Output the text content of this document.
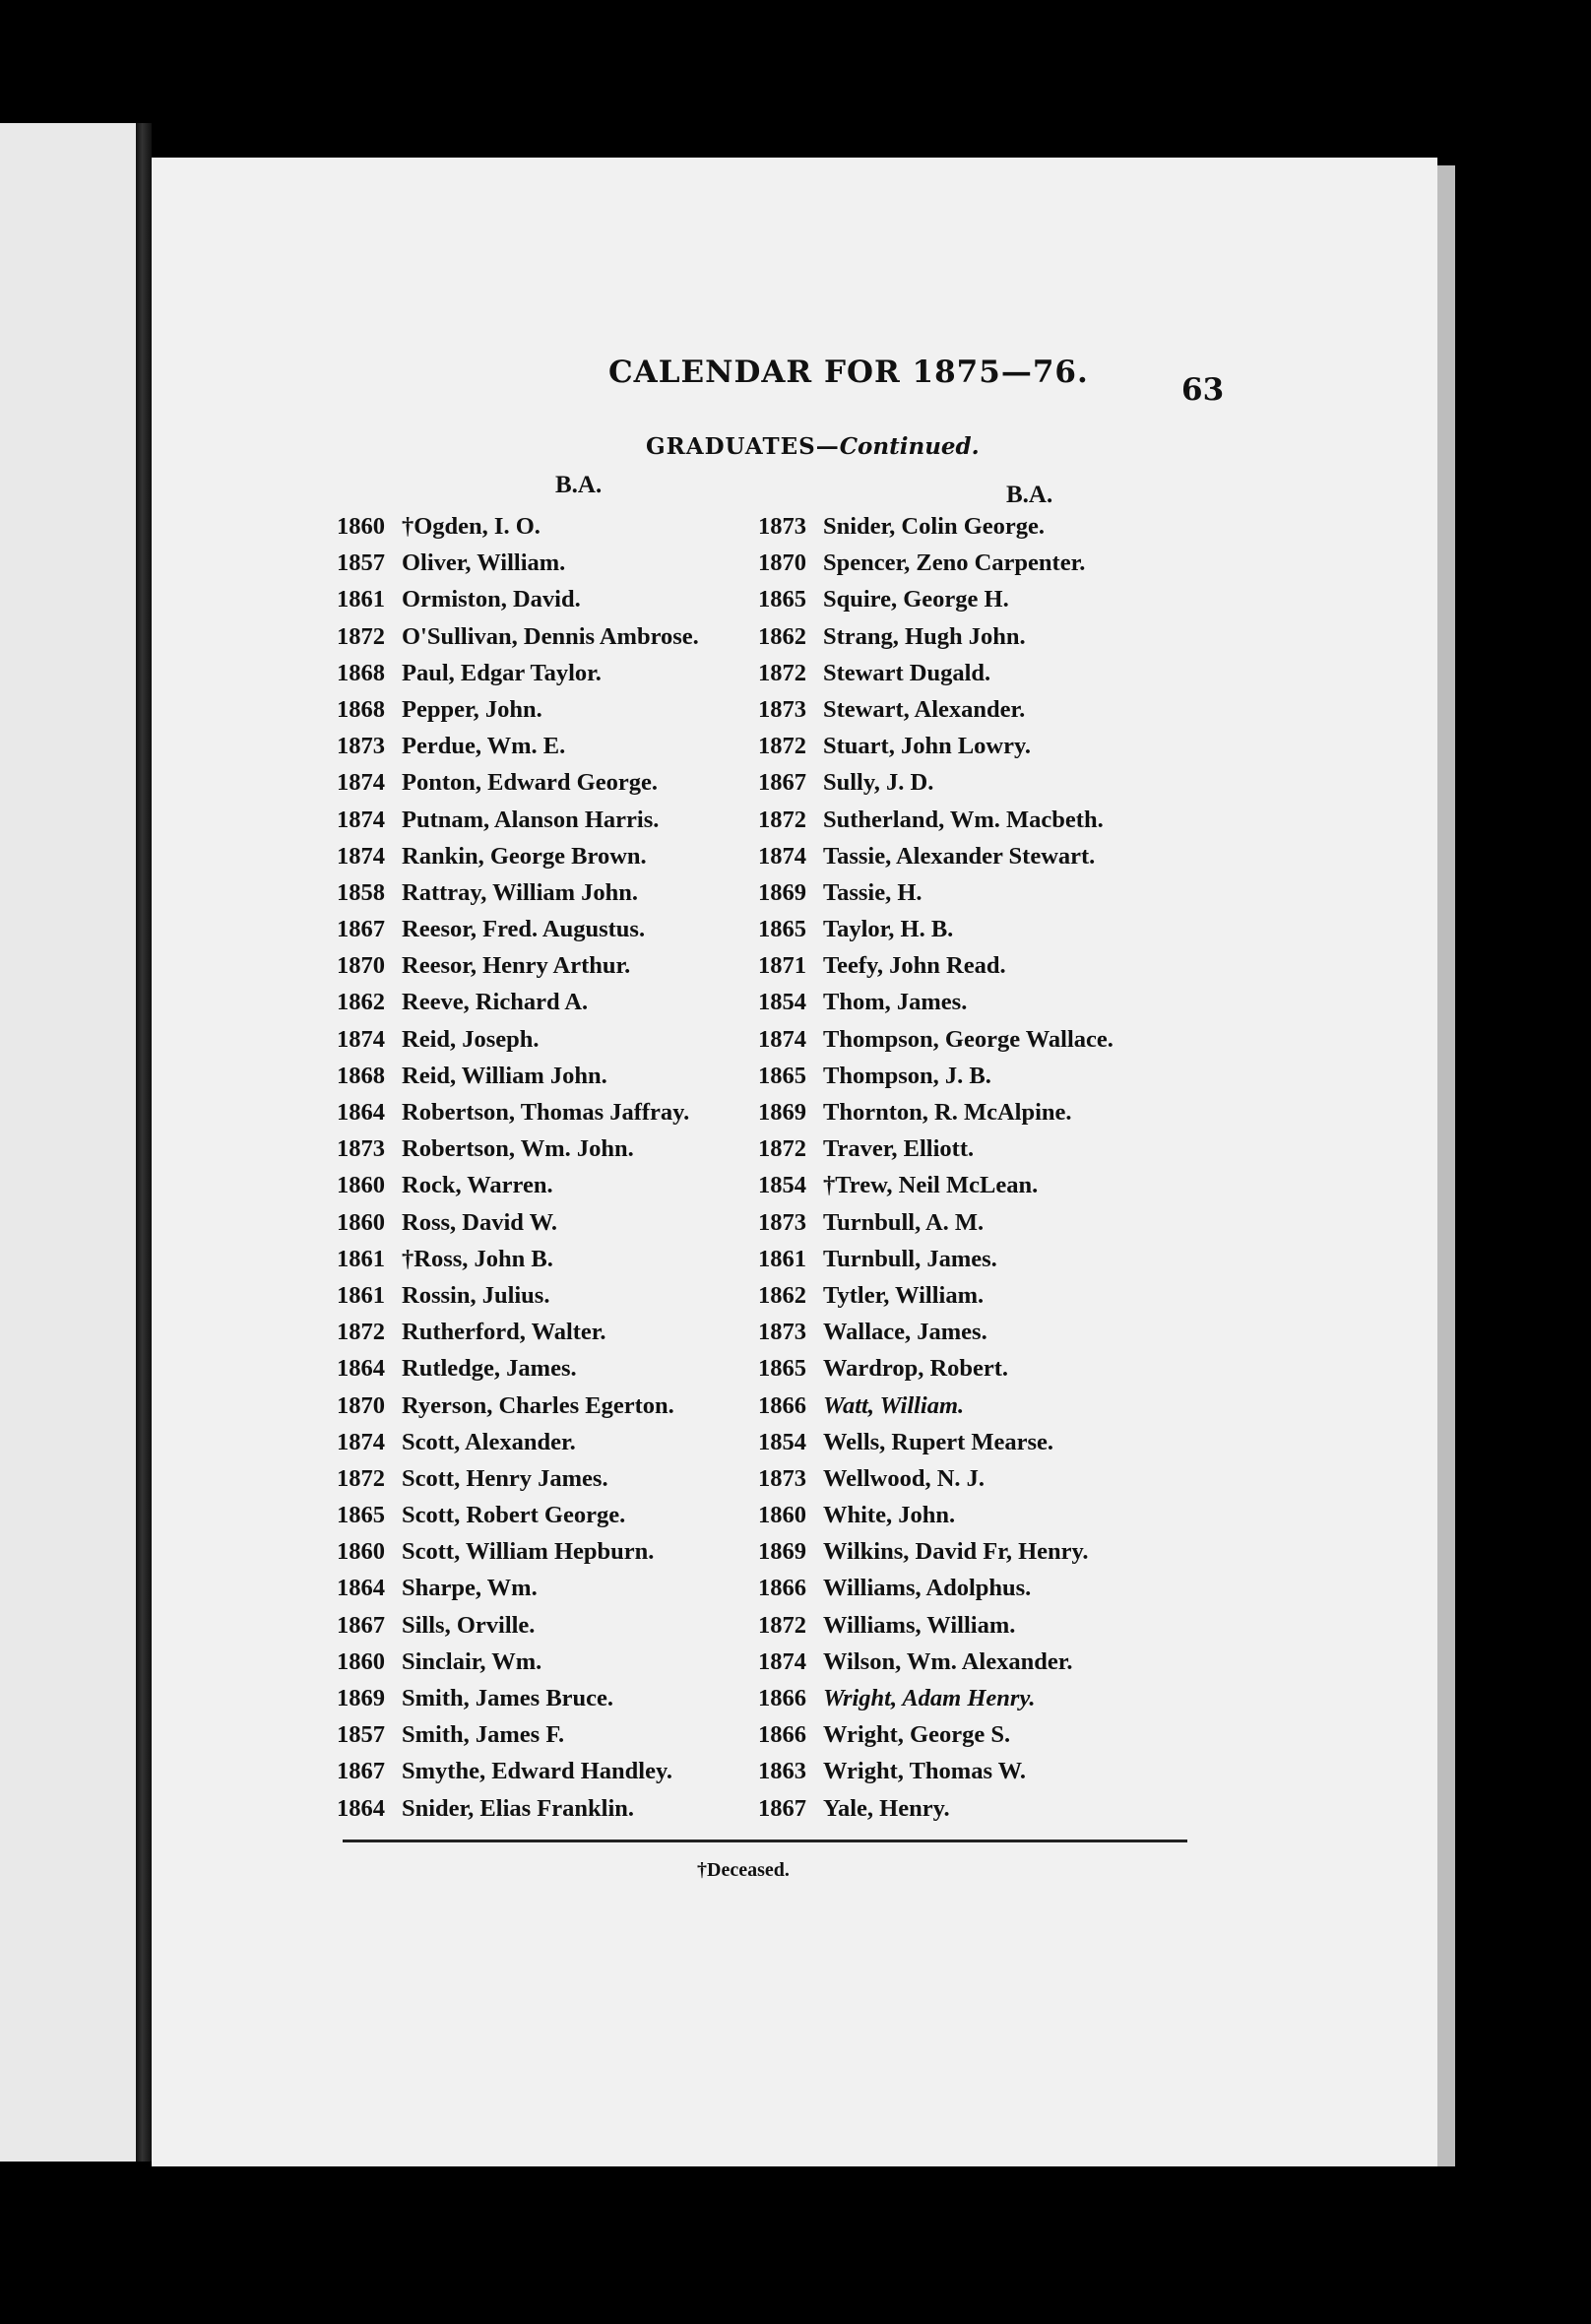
CALENDAR FOR 1875—76.	63
GRADUATES—Continued.
B.A.
1860 †Ogden, I. O.
1857 Oliver, William.
1861 Ormiston, David.
1872 O'Sullivan, Dennis Ambrose.
1868 Paul, Edgar Taylor.
1868 Pepper, John.
1873 Perdue, Wm. E.
1874 Ponton, Edward George.
1874 Putnam, Alanson Harris.
1874 Rankin, George Brown.
1858 Rattray, William John.
1867 Reesor, Fred. Augustus.
1870 Reesor, Henry Arthur.
1862 Reeve, Richard A.
1874 Reid, Joseph.
1868 Reid, William John.
1864 Robertson, Thomas Jaffray.
1873 Robertson, Wm. John.
1860 Rock, Warren.
1860 Ross, David W.
1861 †Ross, John B.
1861 Rossin, Julius.
1872 Rutherford, Walter.
1864 Rutledge, James.
1870 Ryerson, Charles Egerton.
1874 Scott, Alexander.
1872 Scott, Henry James.
1865 Scott, Robert George.
1860 Scott, William Hepburn.
1864 Sharpe, Wm.
1867 Sills, Orville.
1860 Sinclair, Wm.
1869 Smith, James Bruce.
1857 Smith, James F.
1867 Smythe, Edward Handley.
1864 Snider, Elias Franklin.
B.A.
1873 Snider, Colin George.
1870 Spencer, Zeno Carpenter.
1865 Squire, George H.
1862 Strang, Hugh John.
1872 Stewart Dugald.
1873 Stewart, Alexander.
1872 Stuart, John Lowry.
1867 Sully, J. D.
1872 Sutherland, Wm. Macbeth.
1874 Tassie, Alexander Stewart.
1869 Tassie, H.
1865 Taylor, H. B.
1871 Teefy, John Read.
1854 Thom, James.
1874 Thompson, George Wallace.
1865 Thompson, J. B.
1869 Thornton, R. McAlpine.
1872 Traver, Elliott.
1854 †Trew, Neil McLean.
1873 Turnbull, A. M.
1861 Turnbull, James.
1862 Tytler, William.
1873 Wallace, James.
1865 Wardrop, Robert.
1866 Watt, William.
1854 Wells, Rupert Mearse.
1873 Wellwood, N. J.
1860 White, John.
1869 Wilkins, David Fr, Henry.
1866 Williams, Adolphus.
1872 Williams, William.
1874 Wilson, Wm. Alexander.
1866 Wright, Adam Henry.
1866 Wright, George S.
1863 Wright, Thomas W.
1867 Yale, Henry.
†Deceased.
